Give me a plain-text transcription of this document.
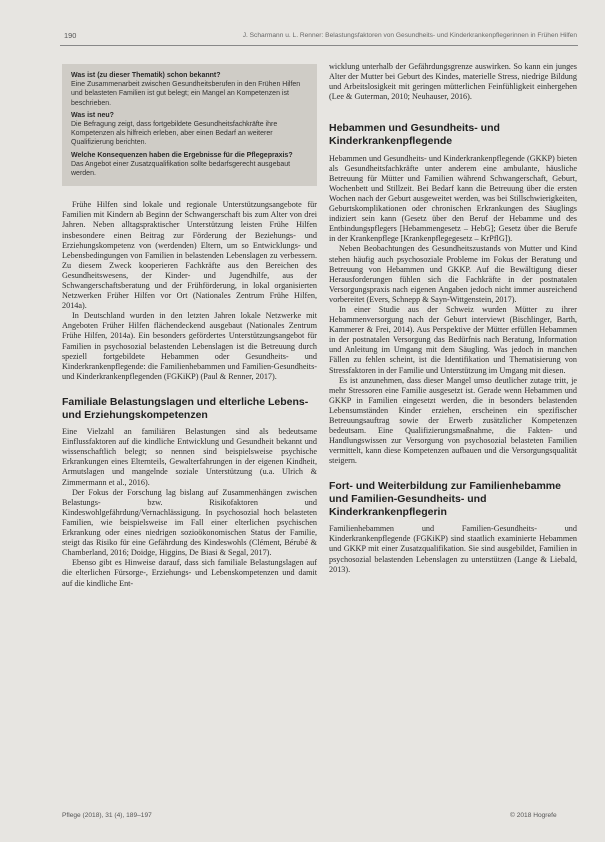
190	J. Scharmann u. L. Renner: Belastungsfaktoren von Gesundheits- und Kinderkrankenpflegerinnen in Frühen Hilfen
Was ist (zu dieser Thematik) schon bekannt?
Eine Zusammenarbeit zwischen Gesundheitsberufen in den Frühen Hilfen und belasteten Familien ist gut belegt; ein Mangel an Kompetenzen ist beschrieben.
Was ist neu?
Die Befragung zeigt, dass fortgebildete Gesundheitsfachkräfte ihre Kompetenzen als hilfreich erleben, aber einen Bedarf an weiterer Qualifizierung berichten.
Welche Konsequenzen haben die Ergebnisse für die Pflegepraxis?
Das Angebot einer Zusatzqualifikation sollte bedarfsgerecht ausgebaut werden.

Frühe Hilfen sind lokale und regionale Unterstützungsangebote für Familien mit Kindern ab Beginn der Schwangerschaft bis zum Alter von drei Jahren. Neben alltagspraktischer Unterstützung leisten Frühe Hilfen insbesondere einen Beitrag zur Förderung der Beziehungs- und Erziehungskompetenz von (werdenden) Eltern, um so Entwicklungs- und Lebensbedingungen von Familien in belastenden Lebenslagen zu verbessern. Zu diesem Zweck kooperieren Fachkräfte aus den Bereichen des Gesundheitswesens, der Kinder- und Jugendhilfe, aus der Schwangerschaftsberatung und der Frühförderung, in lokal organisierten Netzwerken Früher Hilfen vor Ort (Nationales Zentrum Frühe Hilfen, 2014a).

In Deutschland wurden in den letzten Jahren lokale Netzwerke mit Angeboten Früher Hilfen flächendeckend ausgebaut (Nationales Zentrum Frühe Hilfen, 2014a). Ein besonders gefördertes Unterstützungsangebot für Familien in psychosozial belastenden Lebenslagen ist die Betreuung durch speziell fortgebildete Hebammen oder Gesundheits- und Kinderkrankenpflegende: die Familienhebammen und Familien-Gesundheits- und Kinderkrankenpflegenden (FGKiKP) (Paul & Renner, 2017).

Familiale Belastungslagen und elterliche Lebens- und Erziehungskompetenzen

Eine Vielzahl an familiären Belastungen sind als bedeutsame Einflussfaktoren auf die kindliche Entwicklung und Gesundheit bekannt und wissenschaftlich belegt; so nennen sind beispielsweise psychische Erkrankungen eines Elternteils, Gewalterfahrungen in der eigenen Kindheit, Armutslagen und mangelnde soziale Unterstützung (u.a. Ulrich & Zimmermann et al., 2016).

Der Fokus der Forschung lag bislang auf Zusammenhängen zwischen Belastungs- bzw. Risikofaktoren und Kindeswohlgefährdung/Vernachlässigung. In psychosozial hoch belasteten Familien, wie beispielsweise im Fall einer elterlichen psychischen Erkrankung oder eines niedrigen sozioökonomischen Status der Familie, steigt das Risiko für eine Gefährdung des Kindeswohls (Clément, Bérubé & Chamberland, 2016; Doidge, Higgins, De Biasi & Segal, 2017).

Ebenso gibt es Hinweise darauf, dass sich familiale Belastungslagen auf die elterlichen Fürsorge-, Erziehungs- und Lebenskompetenzen und damit auf die kindliche Ent-

wicklung unterhalb der Gefährdungsgrenze auswirken. So kann ein junges Alter der Mutter bei Geburt des Kindes, materielle Stress, niedrige Bildung und Arbeitslosigkeit mit geringen mütterlichen Feinfühligkeit einhergehen (Lee & Guterman, 2010; Neuhauser, 2016).

Hebammen und Gesundheits- und Kinderkrankenpflegende

Hebammen und Gesundheits- und Kinderkrankenpflegende (GKKP) bieten als Gesundheitsfachkräfte unter anderem eine ambulante, häusliche Betreuung für Mütter und Familien während Schwangerschaft, Geburt, Wochenbett und Stillzeit. Bei Bedarf kann die Betreuung über die ersten Wochen nach der Geburt ausgeweitet werden, was bei Stillschwierigkeiten, Geburtskomplikationen oder chronischen Erkrankungen des Säuglings indiziert sein kann (Gesetz über den Beruf der Hebamme und des Entbindungspflegers [Hebammengesetz – HebG]; Gesetz über die Berufe in der Krankenpflege [Krankenpflegegesetz – KrPflG]).

Neben Beobachtungen des Gesundheitszustands von Mutter und Kind stehen häufig auch psychosoziale Probleme im Fokus der Beratung und Betreuung von Hebammen und GKKP. Auf die Bewältigung dieser Herausforderungen fühlen sich die Fachkräfte in der postnatalen Versorgungspraxis nach eigenen Angaben jedoch nicht immer ausreichend vorbereitet (Evers, Schnepp & Sayn-Wittgenstein, 2017).

In einer Studie aus der Schweiz wurden Mütter zu ihrer Hebammenversorgung nach der Geburt interviewt (Bischlinger, Barth, Kammerer & Frei, 2014). Aus Perspektive der Mütter erfüllen Hebammen in der postnatalen Versorgung das Bedürfnis nach Beratung, Information und Anleitung im Umgang mit dem Säugling. Was jedoch in manchen Fällen zu fehlen scheint, ist die Identifikation und Thematisierung von Stressfaktoren in der Familie und Unterstützung im Umgang mit diesen.

Es ist anzunehmen, dass dieser Mangel umso deutlicher zutage tritt, je mehr Stressoren eine Familie ausgesetzt ist. Gerade wenn Hebammen und GKKP in Familien eingesetzt werden, die in besonders belastenden Lebensumständen Kinder erziehen, erscheinen ein spezifischer Betreuungsauftrag sowie der Erwerb zusätzlicher Kompetenzen bedeutsam. Eine Qualifizierungsmaßnahme, die Fakten- und Handlungswissen zur Versorgung von psychosozial belasteten Familien vermittelt, kann diese Kompetenzen aufbauen und die Versorgungsqualität steigern.

Fort- und Weiterbildung zur Familienhebamme und Familien-Gesundheits- und Kinderkrankenpflegerin

Familienhebammen und Familien-Gesundheits- und Kinderkrankenpflegende (FGKiKP) sind staatlich examinierte Hebammen und GKKP mit einer Zusatzqualifikation. Sie sind ausgebildet, Familien in psychosozial belastenden Lebenslagen zu unterstützen (Lange & Liebald, 2013).

Pflege (2018), 31 (4), 189–197	© 2018 Hogrefe
